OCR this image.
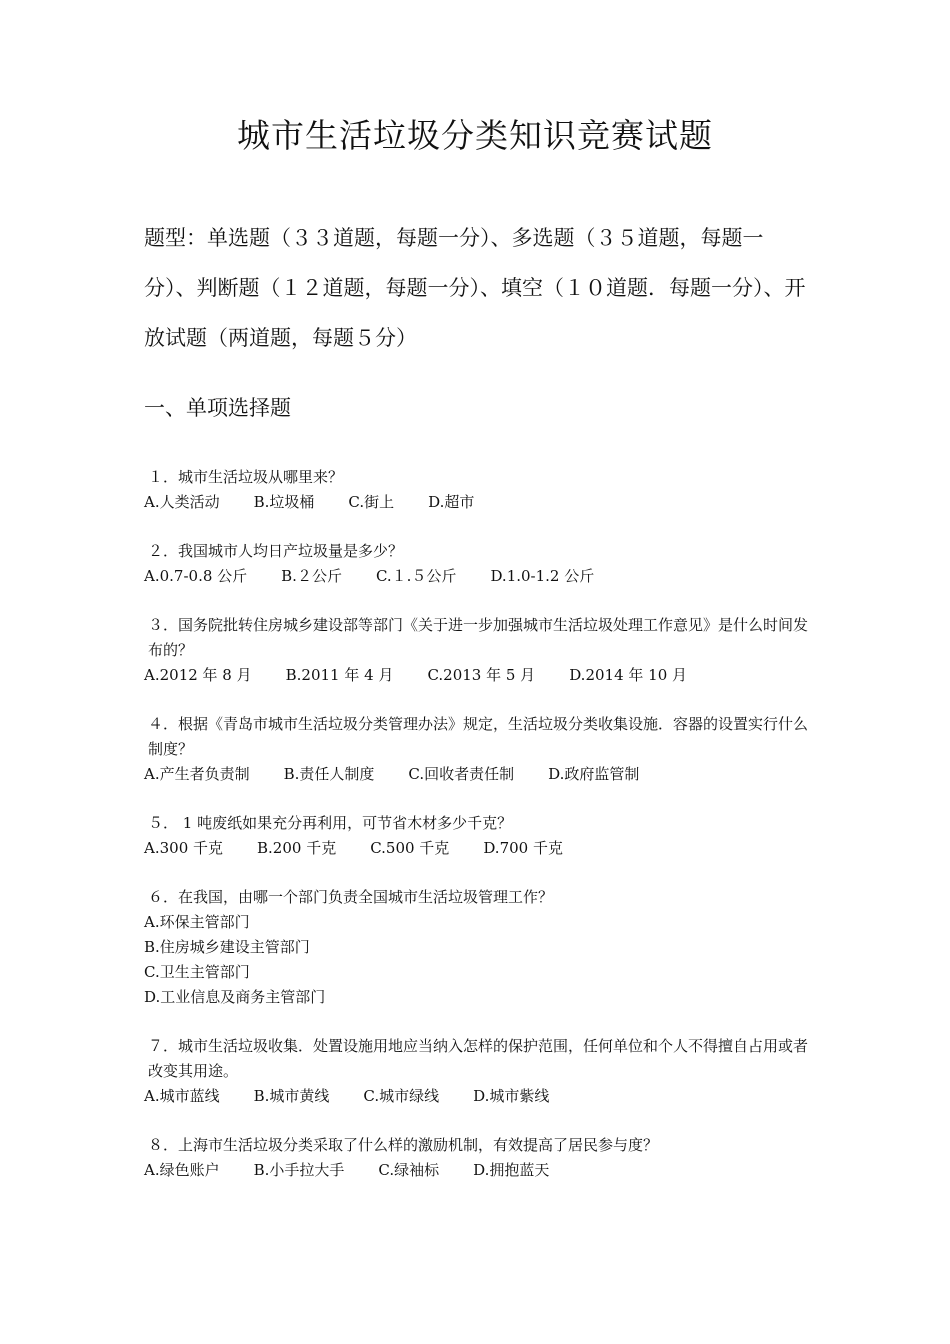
城市生活垃圾分类知识竞赛试题
题型：单选题（３３道题，每题一分）、多选题（３５道题，每题一分）、判断题（１２道题，每题一分）、填空（１０道题．每题一分）、开放试题（两道题，每题５分）
一、单项选择题
１．城市生活垃圾从哪里来？
A.人类活动 B.垃圾桶 C.街上 D.超市
２．我国城市人均日产垃圾量是多少？
A.0.7-0.8 公斤 B.２公斤 C.１.５公斤 D.1.0-1.2 公斤
３．国务院批转住房城乡建设部等部门《关于进一步加强城市生活垃圾处理工作意见》是什么时间发布的？
A.2012 年 8 月 B.2011 年 4 月 C.2013 年 5 月 D.2014 年 10 月
４．根据《青岛市城市生活垃圾分类管理办法》规定，生活垃圾分类收集设施．容器的设置实行什么制度？
A.产生者负责制 B.责任人制度 C.回收者责任制 D.政府监管制
５． 1 吨废纸如果充分再利用，可节省木材多少千克？
A.300 千克 B.200 千克 C.500 千克 D.700 千克
６．在我国，由哪一个部门负责全国城市生活垃圾管理工作？
A.环保主管部门
B.住房城乡建设主管部门
C.卫生主管部门
D.工业信息及商务主管部门
７．城市生活垃圾收集．处置设施用地应当纳入怎样的保护范围，任何单位和个人不得擅自占用或者改变其用途。
A.城市蓝线 B.城市黄线 C.城市绿线 D.城市紫线
８．上海市生活垃圾分类采取了什么样的激励机制，有效提高了居民参与度？
A.绿色账户 B.小手拉大手 C.绿袖标 D.拥抱蓝天
